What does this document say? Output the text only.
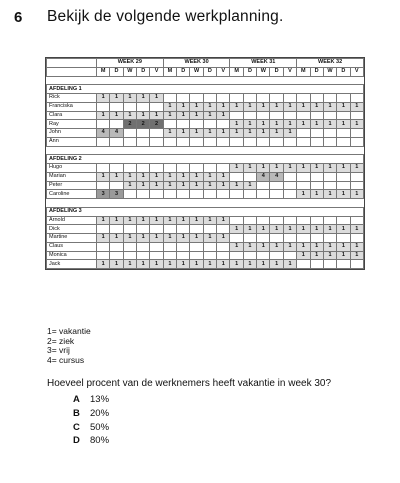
6 Bekijk de volgende werkplanning.
	WEEK 29					WEEK 30					WEEK 31					WEEK 32				
	M	D	W	D	V	M	D	W	D	V	M	D	W	D	V	M	D	W	D	V

AFDELING 1																				
Rick	1	1	1	1	1															
Franciska						1	1	1	1	1	1	1	1	1	1	1	1	1	1	1
Clara	1	1	1	1	1	1	1	1	1	1										
Ray			2	2	2						1	1	1	1	1	1	1	1	1	1
John	4	4				1	1	1	1	1	1	1	1	1	1					
Ann																				

AFDELING 2																				
Hugo											1	1	1	1	1	1	1	1	1	1
Marian	1	1	1	1	1	1	1	1	1	1			4	4						
Peter			1	1	1	1	1	1	1	1	1	1								
Caroline	3	3														1	1	1	1	1

AFDELING 3																				
Arnold	1	1	1	1	1	1	1	1	1	1										
Dick											1	1	1	1	1	1	1	1	1	1
Martine	1	1	1	1	1	1	1	1	1	1										
Claus											1	1	1	1	1	1	1	1	1	1
Monica																1	1	1	1	1
Jack	1	1	1	1	1	1	1	1	1	1	1	1	1	1	1					
1= vakantie
2= ziek
3= vrij
4= cursus
Hoeveel procent van de werknemers heeft vakantie in week 30?
A	13%
B	20%
C	50%
D	80%
